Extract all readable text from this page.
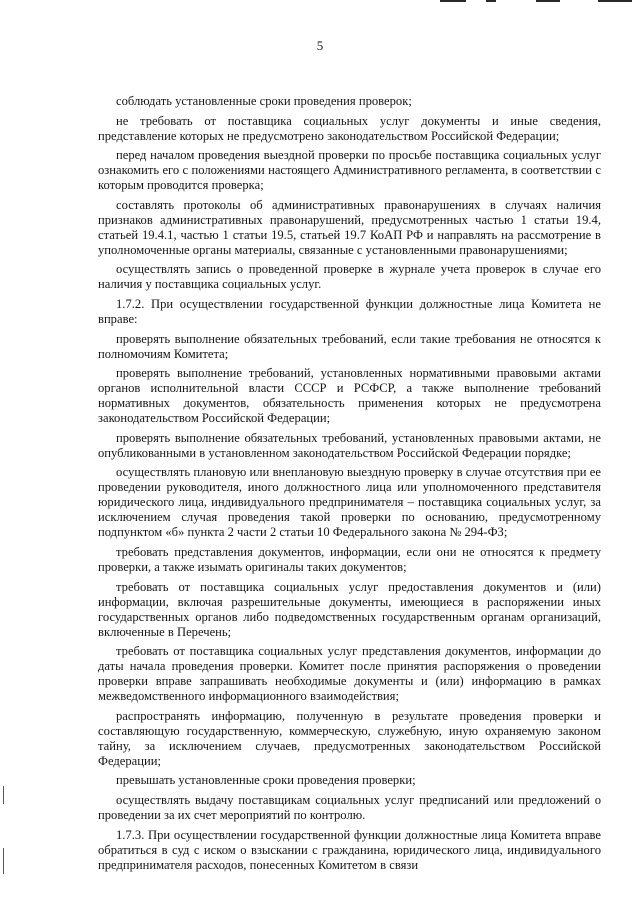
5

соблюдать установленные сроки проведения проверок;

не требовать от поставщика социальных услуг документы и иные сведения, представление которых не предусмотрено законодательством Российской Федерации;

перед началом проведения выездной проверки по просьбе поставщика социальных услуг ознакомить его с положениями настоящего Административного регламента, в соответствии с которым проводится проверка;

составлять протоколы об административных правонарушениях в случаях наличия признаков административных правонарушений, предусмотренных частью 1 статьи 19.4, статьей 19.4.1, частью 1 статьи 19.5, статьей 19.7 КоАП РФ и направлять на рассмотрение в уполномоченные органы материалы, связанные с установленными правонарушениями;

осуществлять запись о проведенной проверке в журнале учета проверок в случае его наличия у поставщика социальных услуг.

1.7.2. При осуществлении государственной функции должностные лица Комитета не вправе:

проверять выполнение обязательных требований, если такие требования не относятся к полномочиям Комитета;

проверять выполнение требований, установленных нормативными правовыми актами органов исполнительной власти СССР и РСФСР, а также выполнение требований нормативных документов, обязательность применения которых не предусмотрена законодательством Российской Федерации;

проверять выполнение обязательных требований, установленных правовыми актами, не опубликованными в установленном законодательством Российской Федерации порядке;

осуществлять плановую или внеплановую выездную проверку в случае отсутствия при ее проведении руководителя, иного должностного лица или уполномоченного представителя юридического лица, индивидуального предпринимателя – поставщика социальных услуг, за исключением случая проведения такой проверки по основанию, предусмотренному подпунктом «б» пункта 2 части 2 статьи 10 Федерального закона № 294-ФЗ;

требовать представления документов, информации, если они не относятся к предмету проверки, а также изымать оригиналы таких документов;

требовать от поставщика социальных услуг предоставления документов и (или) информации, включая разрешительные документы, имеющиеся в распоряжении иных государственных органов либо подведомственных государственным органам организаций, включенные в Перечень;

требовать от поставщика социальных услуг представления документов, информации до даты начала проведения проверки. Комитет после принятия распоряжения о проведении проверки вправе запрашивать необходимые документы и (или) информацию в рамках межведомственного информационного взаимодействия;

распространять информацию, полученную в результате проведения проверки и составляющую государственную, коммерческую, служебную, иную охраняемую законом тайну, за исключением случаев, предусмотренных законодательством Российской Федерации;

превышать установленные сроки проведения проверки;

осуществлять выдачу поставщикам социальных услуг предписаний или предложений о проведении за их счет мероприятий по контролю.

1.7.3. При осуществлении государственной функции должностные лица Комитета вправе обратиться в суд с иском о взыскании с гражданина, юридического лица, индивидуального предпринимателя расходов, понесенных Комитетом в связи
